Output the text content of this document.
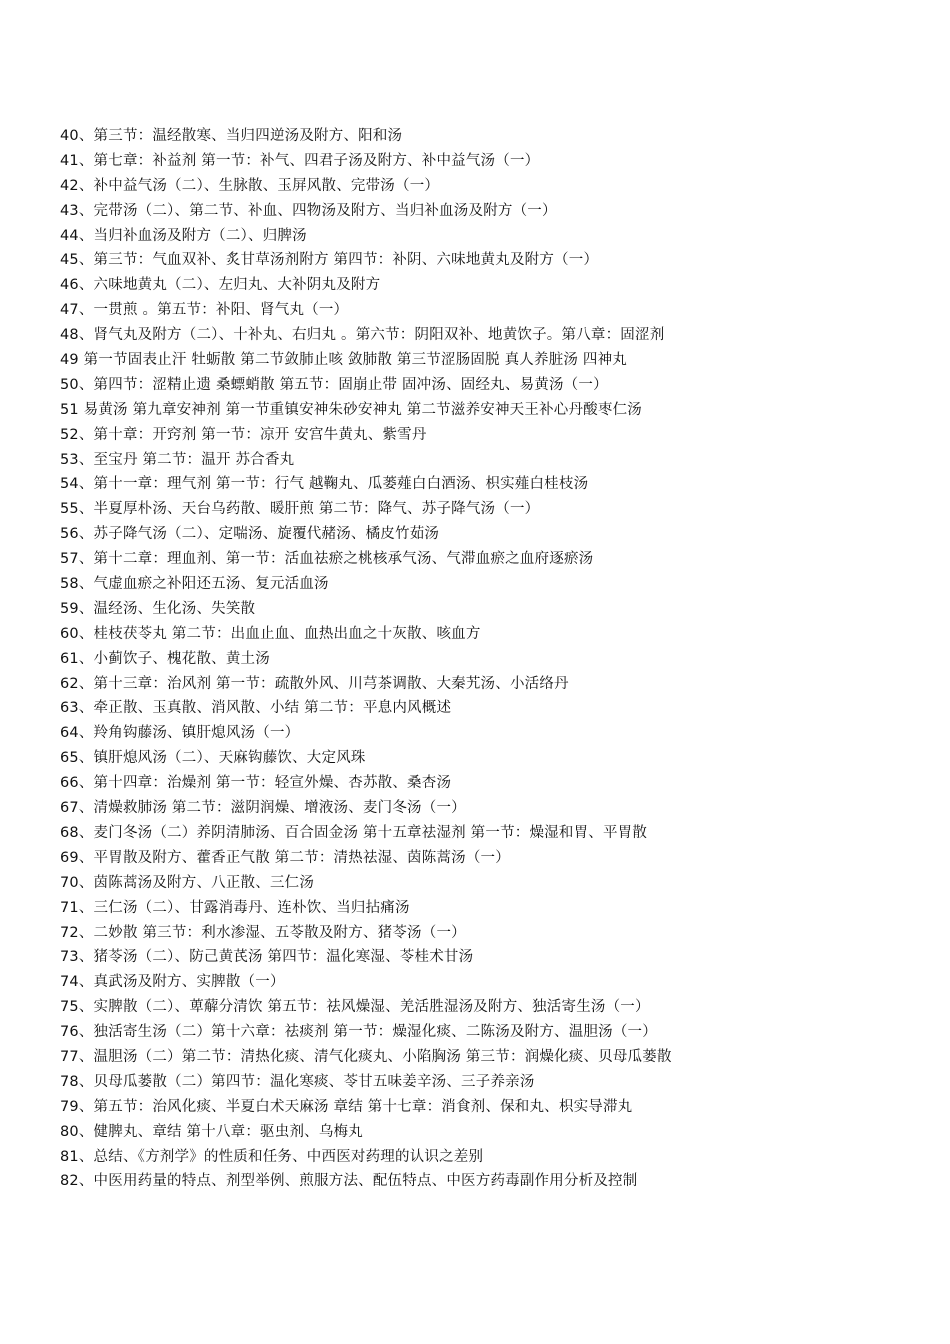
40、第三节：温经散寒、当归四逆汤及附方、阳和汤
41、第七章：补益剂 第一节：补气、四君子汤及附方、补中益气汤（一）
42、补中益气汤（二）、生脉散、玉屏风散、完带汤（一）
43、完带汤（二）、第二节、补血、四物汤及附方、当归补血汤及附方（一）
44、当归补血汤及附方（二）、归脾汤
45、第三节：气血双补、炙甘草汤剂附方 第四节：补阴、六味地黄丸及附方（一）
46、六味地黄丸（二）、左归丸、大补阴丸及附方
47、一贯煎 。第五节：补阳、肾气丸（一）
48、肾气丸及附方（二）、十补丸、右归丸 。第六节：阴阳双补、地黄饮子。第八章：固涩剂
49 第一节固表止汗 牡蛎散 第二节敛肺止咳 敛肺散 第三节涩肠固脱 真人养脏汤 四神丸
50、第四节：涩精止遗 桑螵蛸散 第五节：固崩止带 固冲汤、固经丸、易黄汤（一）
51 易黄汤 第九章安神剂 第一节重镇安神朱砂安神丸 第二节滋养安神天王补心丹酸枣仁汤
52、第十章：开窍剂 第一节：凉开 安宫牛黄丸、紫雪丹
53、至宝丹 第二节：温开 苏合香丸
54、第十一章：理气剂 第一节：行气 越鞠丸、瓜蒌薤白白酒汤、枳实薤白桂枝汤
55、半夏厚朴汤、天台乌药散、暖肝煎 第二节：降气、苏子降气汤（一）
56、苏子降气汤（二）、定喘汤、旋覆代赭汤、橘皮竹茹汤
57、第十二章：理血剂、第一节：活血祛瘀之桃核承气汤、气滞血瘀之血府逐瘀汤
58、气虚血瘀之补阳还五汤、复元活血汤
59、温经汤、生化汤、失笑散
60、桂枝茯苓丸 第二节：出血止血、血热出血之十灰散、咳血方
61、小蓟饮子、槐花散、黄土汤
62、第十三章：治风剂 第一节：疏散外风、川芎茶调散、大秦艽汤、小活络丹
63、牵正散、玉真散、消风散、小结 第二节：平息内风概述
64、羚角钩藤汤、镇肝熄风汤（一）
65、镇肝熄风汤（二）、天麻钩藤饮、大定风珠
66、第十四章：治燥剂 第一节：轻宣外燥、杏苏散、桑杏汤
67、清燥救肺汤 第二节：滋阴润燥、增液汤、麦门冬汤（一）
68、麦门冬汤（二）养阴清肺汤、百合固金汤 第十五章祛湿剂 第一节：燥湿和胃、平胃散
69、平胃散及附方、藿香正气散 第二节：清热祛湿、茵陈蒿汤（一）
70、茵陈蒿汤及附方、八正散、三仁汤
71、三仁汤（二）、甘露消毒丹、连朴饮、当归拈痛汤
72、二妙散 第三节：利水渗湿、五苓散及附方、猪苓汤（一）
73、猪苓汤（二）、防己黄芪汤 第四节：温化寒湿、苓桂术甘汤
74、真武汤及附方、实脾散（一）
75、实脾散（二）、萆薢分清饮 第五节：祛风燥湿、羌活胜湿汤及附方、独活寄生汤（一）
76、独活寄生汤（二）第十六章：祛痰剂 第一节：燥湿化痰、二陈汤及附方、温胆汤（一）
77、温胆汤（二）第二节：清热化痰、清气化痰丸、小陷胸汤 第三节：润燥化痰、贝母瓜蒌散
78、贝母瓜蒌散（二）第四节：温化寒痰、苓甘五味姜辛汤、三子养亲汤
79、第五节：治风化痰、半夏白术天麻汤 章结 第十七章：消食剂、保和丸、枳实导滞丸
80、健脾丸、章结 第十八章：驱虫剂、乌梅丸
81、总结、《方剂学》的性质和任务、中西医对药理的认识之差别
82、中医用药量的特点、剂型举例、煎服方法、配伍特点、中医方药毒副作用分析及控制
